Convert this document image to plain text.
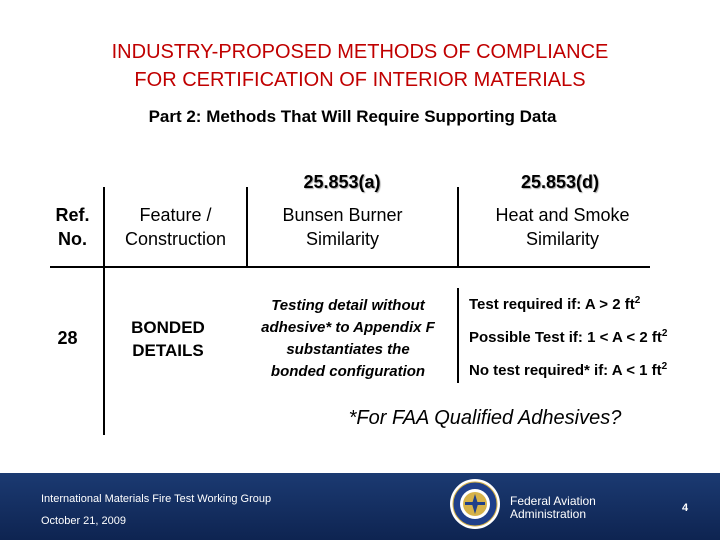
INDUSTRY-PROPOSED METHODS OF COMPLIANCE
FOR CERTIFICATION OF INTERIOR MATERIALS
Part 2: Methods That Will Require Supporting Data
25.853(a)	25.853(d)
Ref.
No.
Feature /
Construction
Bunsen Burner
Similarity
Heat and Smoke
Similarity
28
BONDED
DETAILS
Testing detail without
adhesive* to Appendix F
substantiates the
bonded configuration
Test required if: A > 2 $ft^2$
Possible Test if: 1 < A < 2 $ft^2$
No test required* if: A < 1 $ft^2$
*For FAA Qualified Adhesives?
International Materials Fire Test Working Group
October 21, 2009
Federal Aviation
Administration	4
